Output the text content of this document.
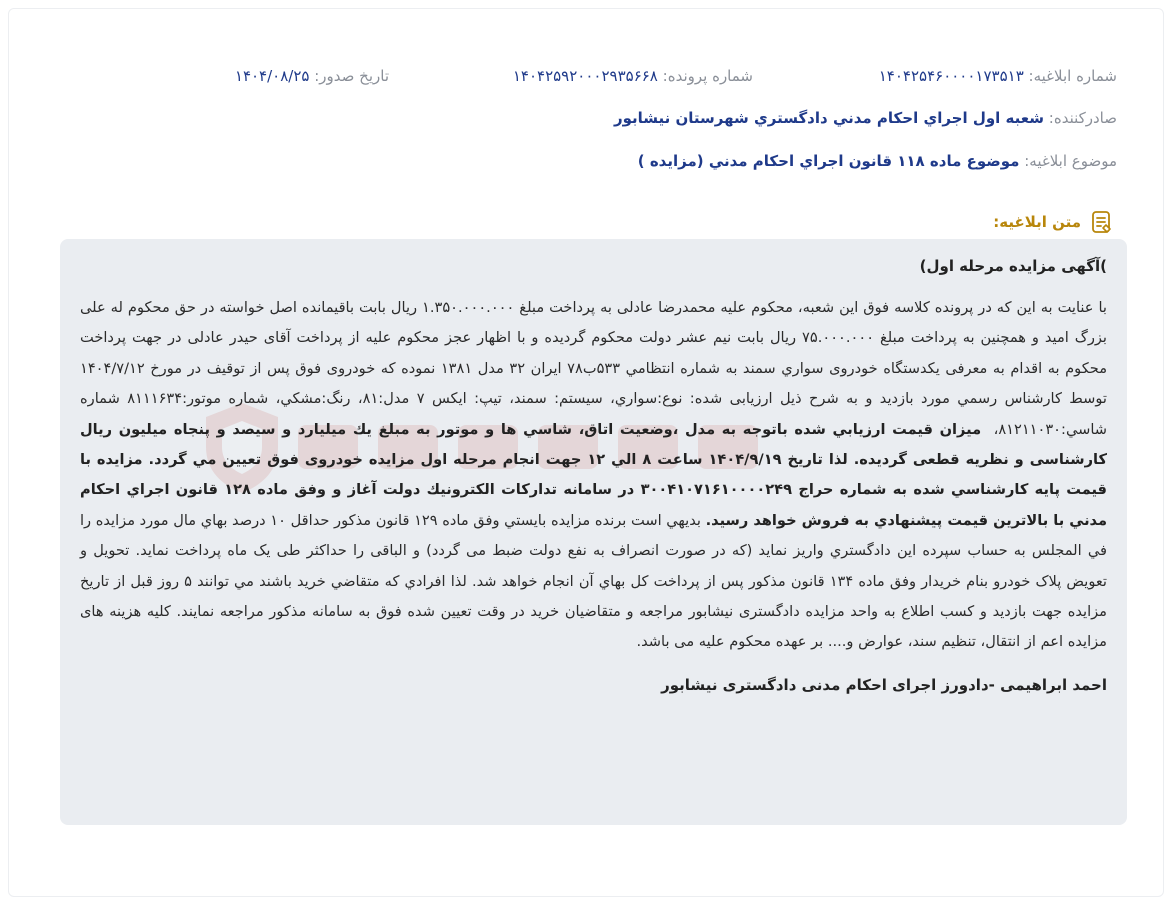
شماره ابلاغیه: ۱۴۰۴۲۵۴۶۰۰۰۰۱۷۳۵۱۳
شماره پرونده: ۱۴۰۴۲۵۹۲۰۰۰۲۹۳۵۶۶۸
تاریخ صدور: ۱۴۰۴/۰۸/۲۵
صادرکننده: شعبه اول اجراي احكام مدني دادگستري شهرستان نيشابور
موضوع ابلاغیه: موضوع ماده ۱۱۸ قانون اجراي احكام مدني (مزايده )
متن ابلاغیه:

)آگهی مزایده مرحله اول)

با عنايت به اين كه در پرونده كلاسه فوق اين شعبه، محكوم عليه محمدرضا عادلی به پرداخت مبلغ ۱.۳۵۰.۰۰۰.۰۰۰ ريال بابت باقيمانده اصل خواسته در حق محکوم له علی بزرگ امید و همچنين به پرداخت مبلغ ۷۵.۰۰۰.۰۰۰ ريال بابت نيم عشر دولت محكوم گرديده و با اظهار عجز محكوم عليه از پرداخت آقای حیدر عادلی در جهت پرداخت محکوم به اقدام به معرفی يكدستگاه خودروی سواري سمند به شماره انتظامي ۵۳۳ب۷۸ ايران ۳۲ مدل ۱۳۸۱ نموده كه خودروی فوق پس از توقیف در مورخ ۱۴۰۴/۷/۱۲ توسط کارشناس رسمي مورد بازديد و به شرح ذيل ارزيابی شده: نوع:سواري، سيستم: سمند، تيپ: ايكس ۷ مدل:۸۱، رنگ:مشكي، شماره موتور:۸۱۱۱۶۳۴ شماره شاسي:۸۱۲۱۱۰۳۰،  ميزان قيمت ارزيابي شده باتوجه به مدل ،وضعيت اتاق، شاسي ها و موتور به مبلغ يك ميليارد و سيصد و پنجاه میلیون ريال كارشناسی و نظريه قطعی گرديده. لذا تاريخ ۱۴۰۴/۹/۱۹ ساعت ۸ الي ۱۲ جهت انجام مرحله اول مزايده خودروی فوق تعيين مي گردد. مزايده با قيمت پايه كارشناسي شده به شماره حراج ۳۰۰۴۱۰۷۱۶۱۰۰۰۰۲۴۹ در سامانه تداركات الكترونيك دولت آغاز و وفق ماده ۱۲۸ قانون اجراي احكام مدني با بالاترين قيمت پيشنهادي به فروش خواهد رسيد. بديهي است برنده مزايده بايستي وفق ماده ۱۲۹ قانون مذكور حداقل ۱۰ درصد بهاي مال مورد مزايده را في المجلس به حساب سپرده اين دادگستري واريز نمايد (که در صورت انصراف به نفع دولت ضبط مى گردد) و الباقی را حداكثر طی یک ماه پرداخت نمايد. تحویل و تعویض پلاک خودرو بنام خریدار وفق ماده ۱۳۴ قانون مذکور پس از پرداخت کل بهاي آن انجام خواهد شد. لذا افرادي كه متقاضي خريد باشند مي توانند ۵ روز قبل از تاريخ مزايده جهت بازديد و كسب اطلاع به واحد مزایده دادگستری نیشابور مراجعه و متقاضیان خرید در وقت تعیین شده فوق به سامانه مذکور مراجعه نمایند. کلیه هزینه های مزایده اعم از انتقال، تنظیم سند، عوارض و.... بر عهده محکوم علیه می باشد.

احمد ابراهیمی -دادورز اجرای احکام مدنی دادگستری نیشابور
